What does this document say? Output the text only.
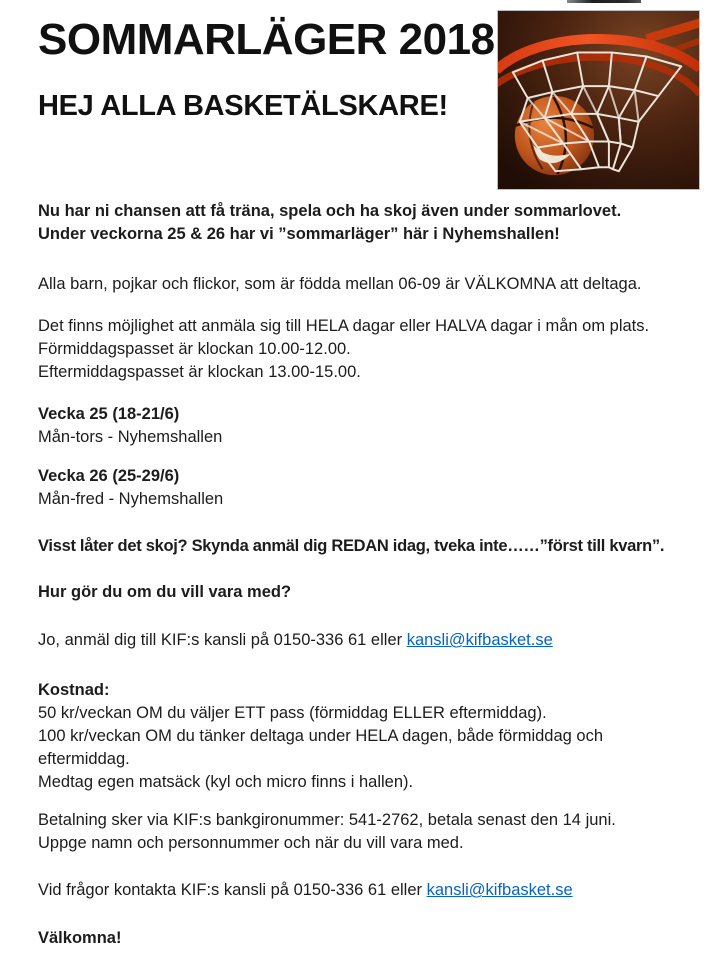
SOMMARLÄGER 2018
HEJ ALLA BASKETÄLSKARE!
Nu har ni chansen att få träna, spela och ha skoj även under sommarlovet.
Under veckorna 25 & 26 har vi ”sommarläger” här i Nyhemshallen!
Alla barn, pojkar och flickor, som är födda mellan 06-09 är VÄLKOMNA att deltaga.
Det finns möjlighet att anmäla sig till HELA dagar eller HALVA dagar i mån om plats.
Förmiddagspasset är klockan 10.00-12.00.
Eftermiddagspasset är klockan 13.00-15.00.
Vecka 25 (18-21/6)
Mån-tors - Nyhemshallen
Vecka 26 (25-29/6)
Mån-fred - Nyhemshallen
Visst låter det skoj? Skynda anmäl dig REDAN idag, tveka inte……”först till kvarn”.
Hur gör du om du vill vara med?
Jo, anmäl dig till KIF:s kansli på 0150-336 61 eller kansli@kifbasket.se
Kostnad:
50 kr/veckan OM du väljer ETT pass (förmiddag ELLER eftermiddag).
100 kr/veckan OM du tänker deltaga under HELA dagen, både förmiddag och
eftermiddag.
Medtag egen matsäck (kyl och micro finns i hallen).
Betalning sker via KIF:s bankgironummer: 541-2762, betala senast den 14 juni.
Uppge namn och personnummer och när du vill vara med.
Vid frågor kontakta KIF:s kansli på 0150-336 61 eller kansli@kifbasket.se
Välkomna!
